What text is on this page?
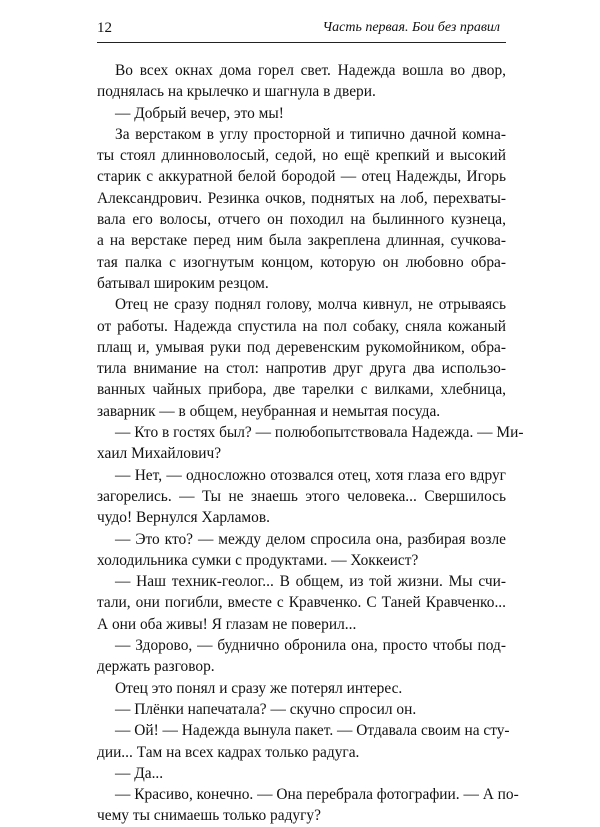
12	Часть первая. Бои без правил
Во всех окнах дома горел свет. Надежда вошла во двор,
поднялась на крылечко и шагнула в двери.
— Добрый вечер, это мы!
За верстаком в углу просторной и типично дачной комна-
ты стоял длинноволосый, седой, но ещё крепкий и высокий
старик с аккуратной белой бородой — отец Надежды, Игорь
Александрович. Резинка очков, поднятых на лоб, перехваты-
вала его волосы, отчего он походил на былинного кузнеца,
а на верстаке перед ним была закреплена длинная, сучкова-
тая палка с изогнутым концом, которую он любовно обра-
батывал широким резцом.
Отец не сразу поднял голову, молча кивнул, не отрываясь
от работы. Надежда спустила на пол собаку, сняла кожаный
плащ и, умывая руки под деревенским рукомойником, обра-
тила внимание на стол: напротив друг друга два использо-
ванных чайных прибора, две тарелки с вилками, хлебница,
заварник — в общем, неубранная и немытая посуда.
— Кто в гостях был? — полюбопытствовала Надежда. — Ми-
хаил Михайлович?
— Нет, — односложно отозвался отец, хотя глаза его вдруг
загорелись. — Ты не знаешь этого человека... Свершилось
чудо! Вернулся Харламов.
— Это кто? — между делом спросила она, разбирая возле
холодильника сумки с продуктами. — Хоккеист?
— Наш техник-геолог... В общем, из той жизни. Мы счи-
тали, они погибли, вместе с Кравченко. С Таней Кравченко...
А они оба живы! Я глазам не поверил...
— Здорово, — буднично обронила она, просто чтобы под-
держать разговор.
Отец это понял и сразу же потерял интерес.
— Плёнки напечатала? — скучно спросил он.
— Ой! — Надежда вынула пакет. — Отдавала своим на сту-
дии... Там на всех кадрах только радуга.
— Да...
— Красиво, конечно. — Она перебрала фотографии. — А по-
чему ты снимаешь только радугу?
